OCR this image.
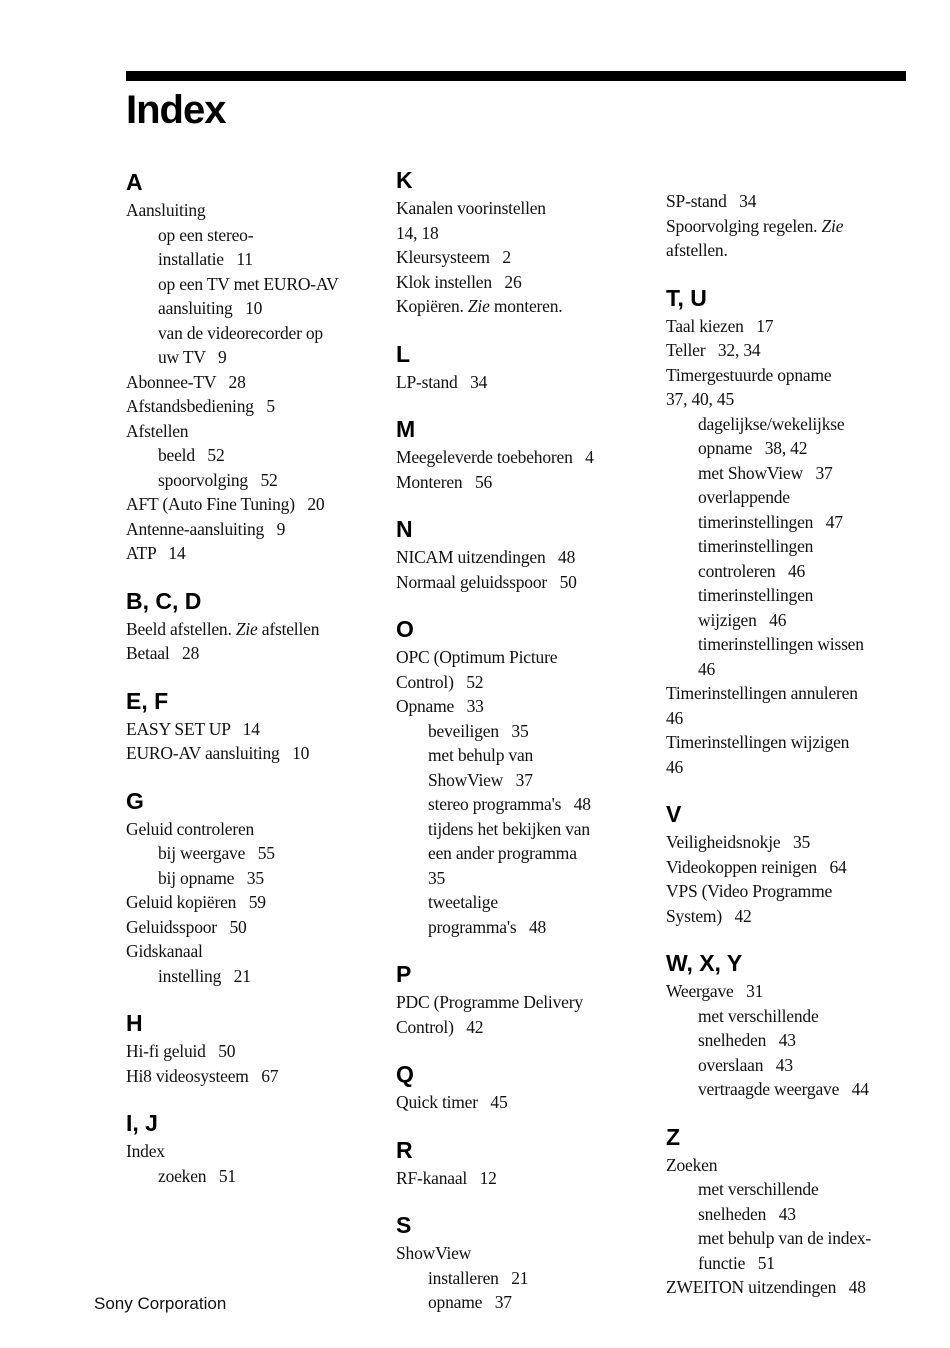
Index
A
Aansluiting
op een stereo-
installatie   11
op een TV met EURO-AV
aansluiting   10
van de videorecorder op
uw TV   9
Abonnee-TV   28
Afstandsbediening   5
Afstellen
beeld   52
spoorvolging   52
AFT (Auto Fine Tuning)   20
Antenne-aansluiting   9
ATP   14
B, C, D
Beeld afstellen. Zie afstellen
Betaal   28
E, F
EASY SET UP   14
EURO-AV aansluiting   10
G
Geluid controleren
bij weergave   55
bij opname   35
Geluid kopiëren   59
Geluidsspoor   50
Gidskanaal
instelling   21
H
Hi-fi geluid   50
Hi8 videosysteem   67
I, J
Index
zoeken   51
K
Kanalen voorinstellen
14, 18
Kleursysteem   2
Klok instellen   26
Kopiëren. Zie monteren.
L
LP-stand   34
M
Meegeleverde toebehoren   4
Monteren   56
N
NICAM uitzendingen   48
Normaal geluidsspoor   50
O
OPC (Optimum Picture
Control)   52
Opname   33
beveiligen   35
met behulp van
ShowView   37
stereo programma's   48
tijdens het bekijken van
een ander programma
35
tweetalige
programma's   48
P
PDC (Programme Delivery
Control)   42
Q
Quick timer   45
R
RF-kanaal   12
S
ShowView
installeren   21
opname   37
SP-stand   34
Spoorvolging regelen. Zie
afstellen.
T, U
Taal kiezen   17
Teller   32, 34
Timergestuurde opname
37, 40, 45
dagelijkse/wekelijkse
opname   38, 42
met ShowView   37
overlappende
timerinstellingen   47
timerinstellingen
controleren   46
timerinstellingen
wijzigen   46
timerinstellingen wissen
46
Timerinstellingen annuleren
46
Timerinstellingen wijzigen
46
V
Veiligheidsnokje   35
Videokoppen reinigen   64
VPS (Video Programme
System)   42
W, X, Y
Weergave   31
met verschillende
snelheden   43
overslaan   43
vertraagde weergave   44
Z
Zoeken
met verschillende
snelheden   43
met behulp van de index-
functie   51
ZWEITON uitzendingen   48
Sony Corporation
